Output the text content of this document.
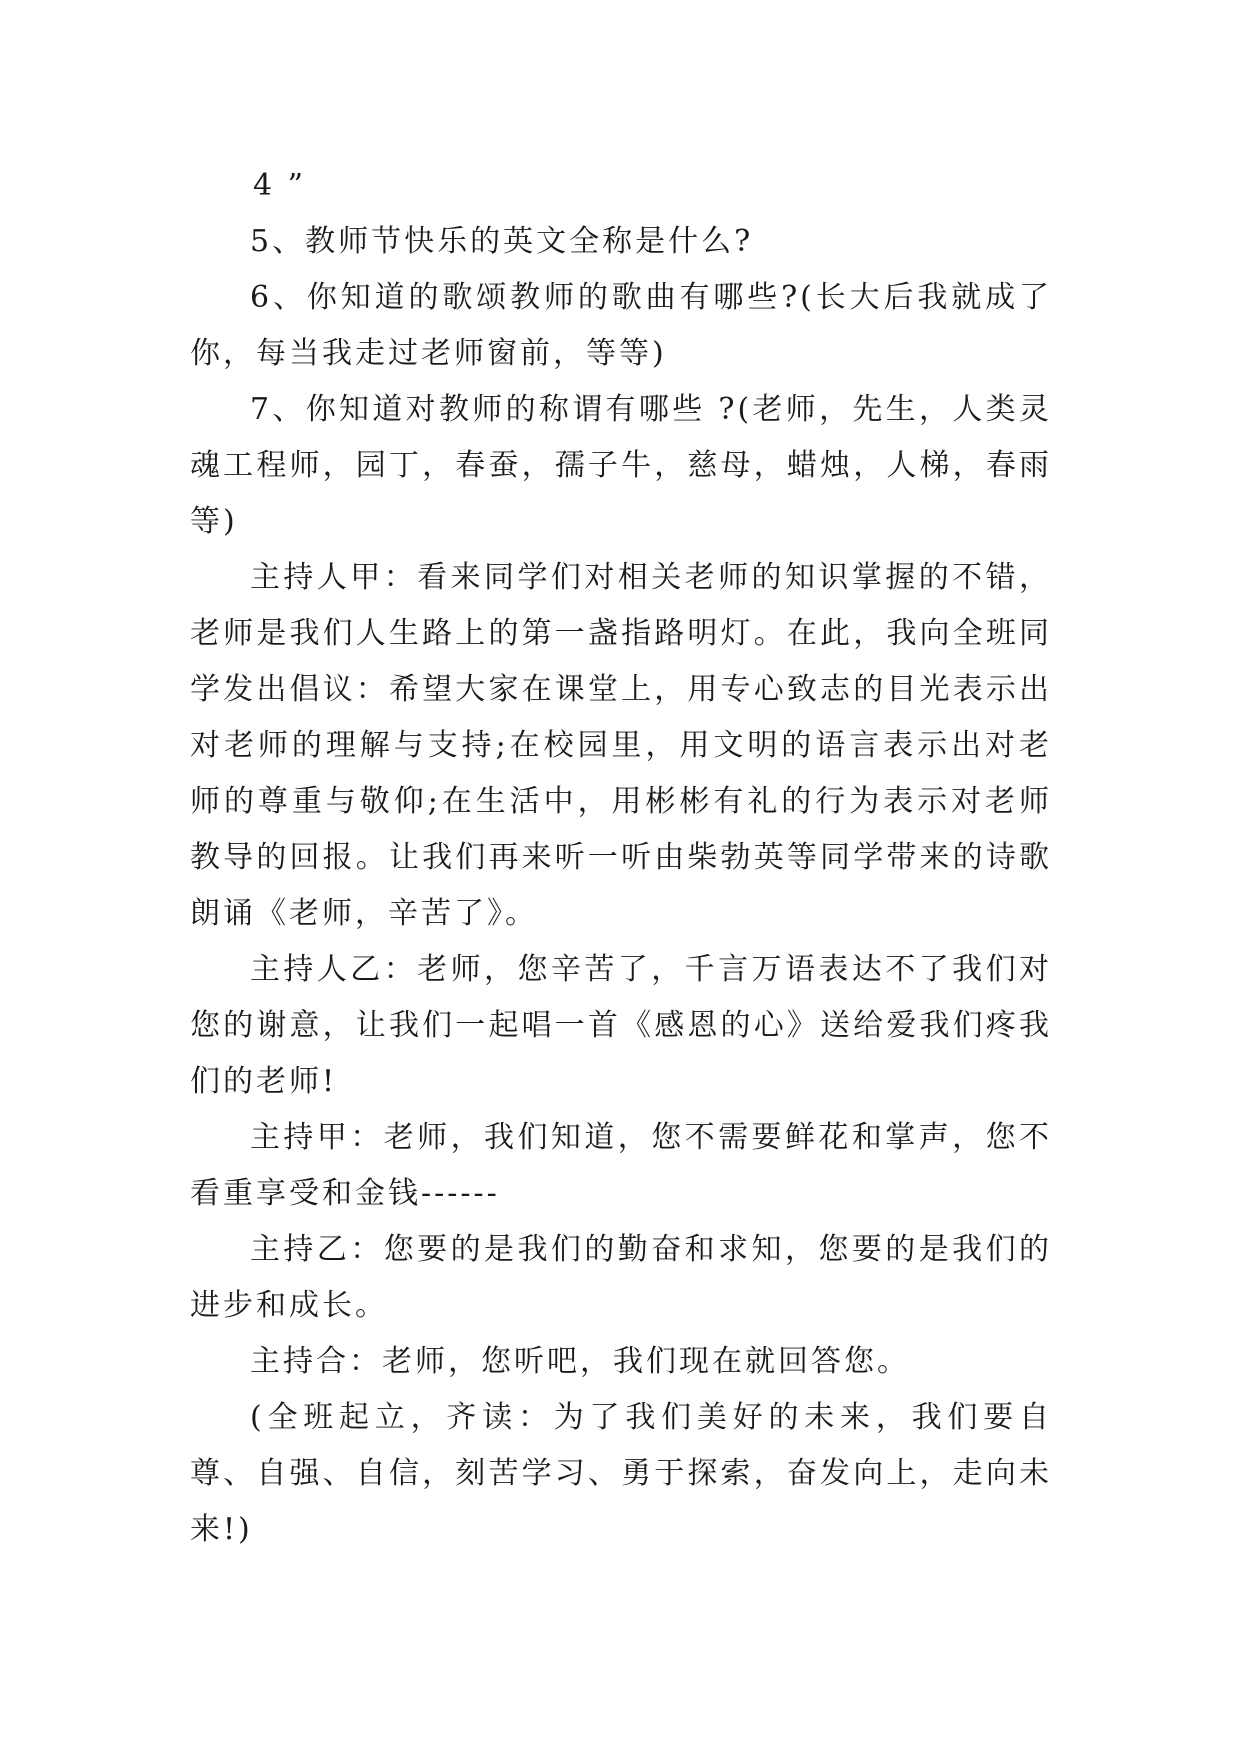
4 ”

5、教师节快乐的英文全称是什么?

6、你知道的歌颂教师的歌曲有哪些?(长大后我就成了你，每当我走过老师窗前，等等)

7、你知道对教师的称谓有哪些 ?(老师，先生，人类灵魂工程师，园丁，春蚕，孺子牛，慈母，蜡烛，人梯，春雨等)

主持人甲：看来同学们对相关老师的知识掌握的不错，老师是我们人生路上的第一盏指路明灯。在此，我向全班同学发出倡议：希望大家在课堂上，用专心致志的目光表示出对老师的理解与支持;在校园里，用文明的语言表示出对老师的尊重与敬仰;在生活中，用彬彬有礼的行为表示对老师教导的回报。让我们再来听一听由柴勃英等同学带来的诗歌朗诵《老师，辛苦了》。

主持人乙：老师，您辛苦了，千言万语表达不了我们对您的谢意，让我们一起唱一首《感恩的心》送给爱我们疼我们的老师!

主持甲：老师，我们知道，您不需要鲜花和掌声，您不看重享受和金钱------

主持乙：您要的是我们的勤奋和求知，您要的是我们的进步和成长。

主持合：老师，您听吧，我们现在就回答您。

(全班起立，齐读：为了我们美好的未来，我们要自尊、自强、自信，刻苦学习、勇于探索，奋发向上，走向未来!)
